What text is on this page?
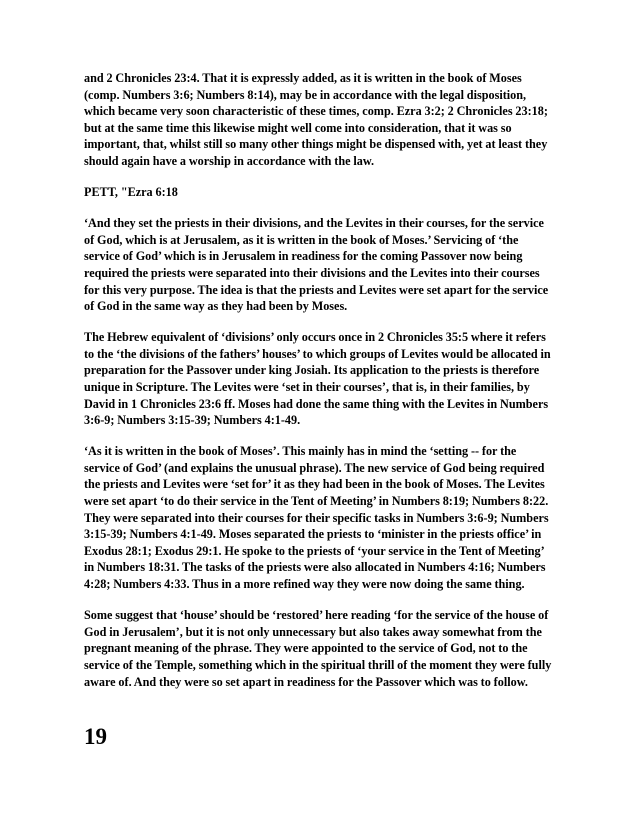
and 2 Chronicles 23:4. That it is expressly added, as it is written in the book of Moses (comp. Numbers 3:6; Numbers 8:14), may be in accordance with the legal disposition, which became very soon characteristic of these times, comp. Ezra 3:2; 2 Chronicles 23:18; but at the same time this likewise might well come into consideration, that it was so important, that, whilst still so many other things might be dispensed with, yet at least they should again have a worship in accordance with the law.

PETT, "Ezra 6:18

‘And they set the priests in their divisions, and the Levites in their courses, for the service of God, which is at Jerusalem, as it is written in the book of Moses.’ Servicing of ‘the service of God’ which is in Jerusalem in readiness for the coming Passover now being required the priests were separated into their divisions and the Levites into their courses for this very purpose. The idea is that the priests and Levites were set apart for the service of God in the same way as they had been by Moses.

The Hebrew equivalent of ‘divisions’ only occurs once in 2 Chronicles 35:5 where it refers to the ‘the divisions of the fathers’ houses’ to which groups of Levites would be allocated in preparation for the Passover under king Josiah. Its application to the priests is therefore unique in Scripture. The Levites were ‘set in their courses’, that is, in their families, by David in 1 Chronicles 23:6 ff. Moses had done the same thing with the Levites in Numbers 3:6-9; Numbers 3:15-39; Numbers 4:1-49.

‘As it is written in the book of Moses’. This mainly has in mind the ‘setting -- for the service of God’ (and explains the unusual phrase). The new service of God being required the priests and Levites were ‘set for’ it as they had been in the book of Moses. The Levites were set apart ‘to do their service in the Tent of Meeting’ in Numbers 8:19; Numbers 8:22. They were separated into their courses for their specific tasks in Numbers 3:6-9; Numbers 3:15-39; Numbers 4:1-49. Moses separated the priests to ‘minister in the priests office’ in Exodus 28:1; Exodus 29:1. He spoke to the priests of ‘your service in the Tent of Meeting’ in Numbers 18:31. The tasks of the priests were also allocated in Numbers 4:16; Numbers 4:28; Numbers 4:33. Thus in a more refined way they were now doing the same thing.

Some suggest that ‘house’ should be ‘restored’ here reading ‘for the service of the house of God in Jerusalem’, but it is not only unnecessary but also takes away somewhat from the pregnant meaning of the phrase. They were appointed to the service of God, not to the service of the Temple, something which in the spiritual thrill of the moment they were fully aware of. And they were so set apart in readiness for the Passover which was to follow.

19
